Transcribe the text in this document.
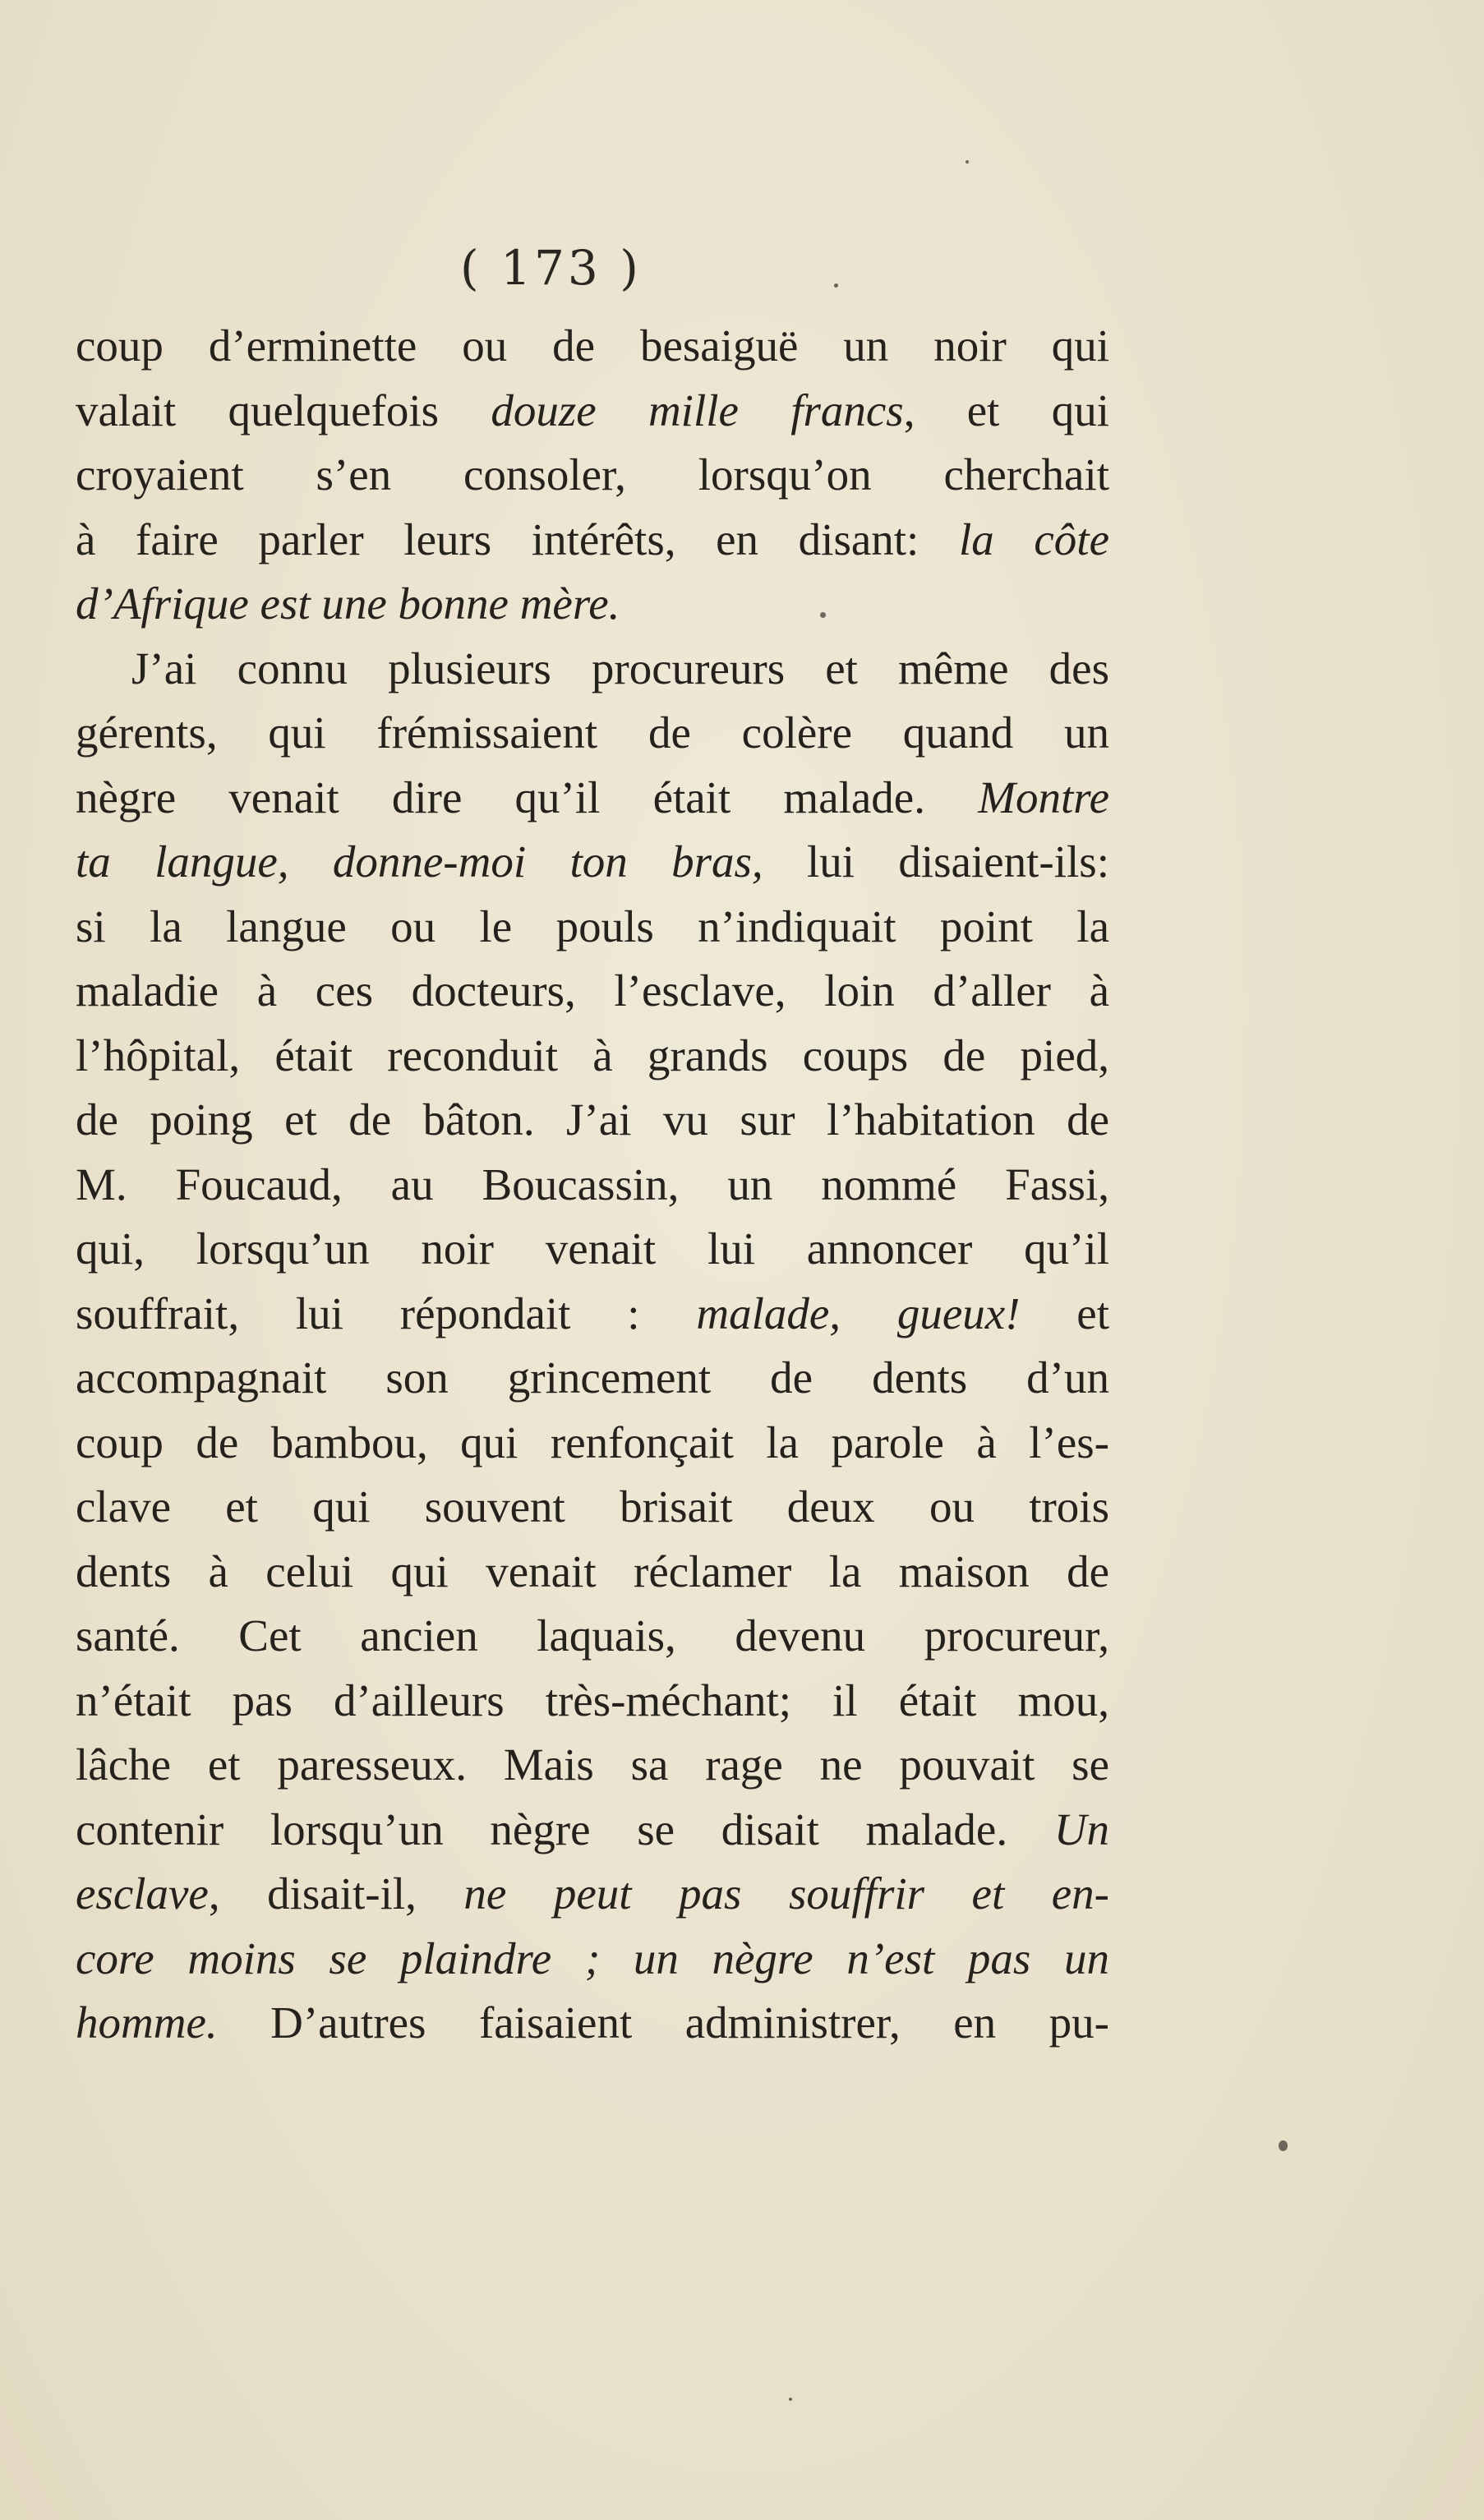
( 173 )
coup d’erminette ou de besaiguë un noir qui
valait quelquefois douze mille francs, et qui
croyaient s’en consoler, lorsqu’on cherchait
à faire parler leurs intérêts, en disant: la côte
d’Afrique est une bonne mère.
J’ai connu plusieurs procureurs et même des
gérents, qui frémissaient de colère quand un
nègre venait dire qu’il était malade. Montre
ta langue, donne-moi ton bras, lui disaient-ils:
si la langue ou le pouls n’indiquait point la
maladie à ces docteurs, l’esclave, loin d’aller à
l’hôpital, était reconduit à grands coups de pied,
de poing et de bâton. J’ai vu sur l’habitation de
M. Foucaud, au Boucassin, un nommé Fassi,
qui, lorsqu’un noir venait lui annoncer qu’il
souffrait, lui répondait : malade, gueux! et
accompagnait son grincement de dents d’un
coup de bambou, qui renfonçait la parole à l’es-
clave et qui souvent brisait deux ou trois
dents à celui qui venait réclamer la maison de
santé. Cet ancien laquais, devenu procureur,
n’était pas d’ailleurs très-méchant; il était mou,
lâche et paresseux. Mais sa rage ne pouvait se
contenir lorsqu’un nègre se disait malade. Un
esclave, disait-il, ne peut pas souffrir et en-
core moins se plaindre ; un nègre n’est pas un
homme. D’autres faisaient administrer, en pu-
